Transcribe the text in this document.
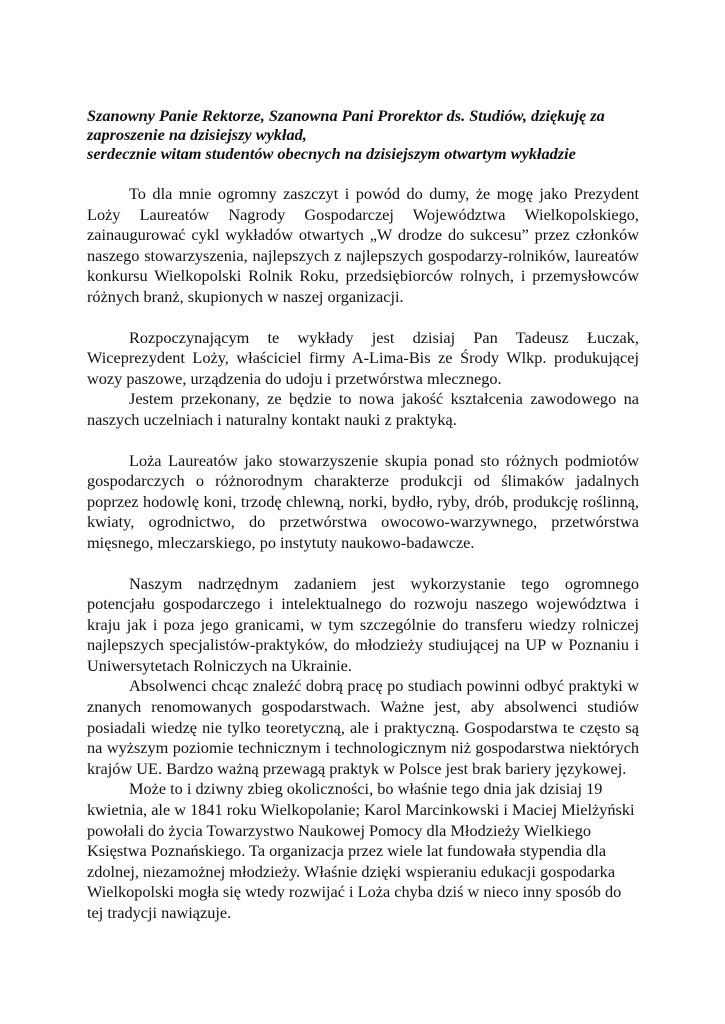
Szanowny Panie Rektorze, Szanowna Pani Prorektor ds. Studiów, dziękuję za zaproszenie na dzisiejszy wykład,
serdecznie witam studentów obecnych na dzisiejszym otwartym wykładzie

To dla mnie ogromny zaszczyt i powód do dumy, że mogę jako Prezydent Loży Laureatów Nagrody Gospodarczej Województwa Wielkopolskiego, zainaugurować cykl wykładów otwartych „W drodze do sukcesu” przez członków naszego stowarzyszenia, najlepszych z najlepszych gospodarzy-rolników, laureatów konkursu Wielkopolski Rolnik Roku, przedsiębiorców rolnych, i przemysłowców różnych branż, skupionych w naszej organizacji.

Rozpoczynającym te wykłady jest dzisiaj Pan Tadeusz Łuczak, Wiceprezydent Loży, właściciel firmy A-Lima-Bis ze Środy Wlkp. produkującej wozy paszowe, urządzenia do udoju i przetwórstwa mlecznego.

Jestem przekonany, ze będzie to nowa jakość kształcenia zawodowego na naszych uczelniach i naturalny kontakt nauki z praktyką.

Loża Laureatów jako stowarzyszenie skupia ponad sto różnych podmiotów gospodarczych o różnorodnym charakterze produkcji od ślimaków jadalnych poprzez hodowlę koni, trzodę chlewną, norki, bydło, ryby, drób, produkcję roślinną, kwiaty, ogrodnictwo, do przetwórstwa owocowo-warzywnego, przetwórstwa mięsnego, mleczarskiego, po instytuty naukowo-badawcze.

Naszym nadrzędnym zadaniem jest wykorzystanie tego ogromnego potencjału gospodarczego i intelektualnego do rozwoju naszego województwa i kraju jak i poza jego granicami, w tym szczególnie do transferu wiedzy rolniczej najlepszych specjalistów-praktyków, do młodzieży studiującej na UP w Poznaniu i Uniwersytetach Rolniczych na Ukrainie.

Absolwenci chcąc znaleźć dobrą pracę po studiach powinni odbyć praktyki w znanych renomowanych gospodarstwach. Ważne jest, aby absolwenci studiów posiadali wiedzę nie tylko teoretyczną, ale i praktyczną. Gospodarstwa te często są na wyższym poziomie technicznym i technologicznym niż gospodarstwa niektórych krajów UE. Bardzo ważną przewagą praktyk w Polsce jest brak bariery językowej.

Może to i dziwny zbieg okoliczności, bo właśnie tego dnia jak dzisiaj 19 kwietnia, ale w 1841 roku Wielkopolanie; Karol Marcinkowski i Maciej Mielżyński powołali do życia Towarzystwo Naukowej Pomocy dla Młodzieży Wielkiego Księstwa Poznańskiego. Ta organizacja przez wiele lat fundowała stypendia dla zdolnej, niezamożnej młodzieży. Właśnie dzięki wspieraniu edukacji gospodarka Wielkopolski mogła się wtedy rozwijać i Loża chyba dziś w nieco inny sposób do tej tradycji nawiązuje.
